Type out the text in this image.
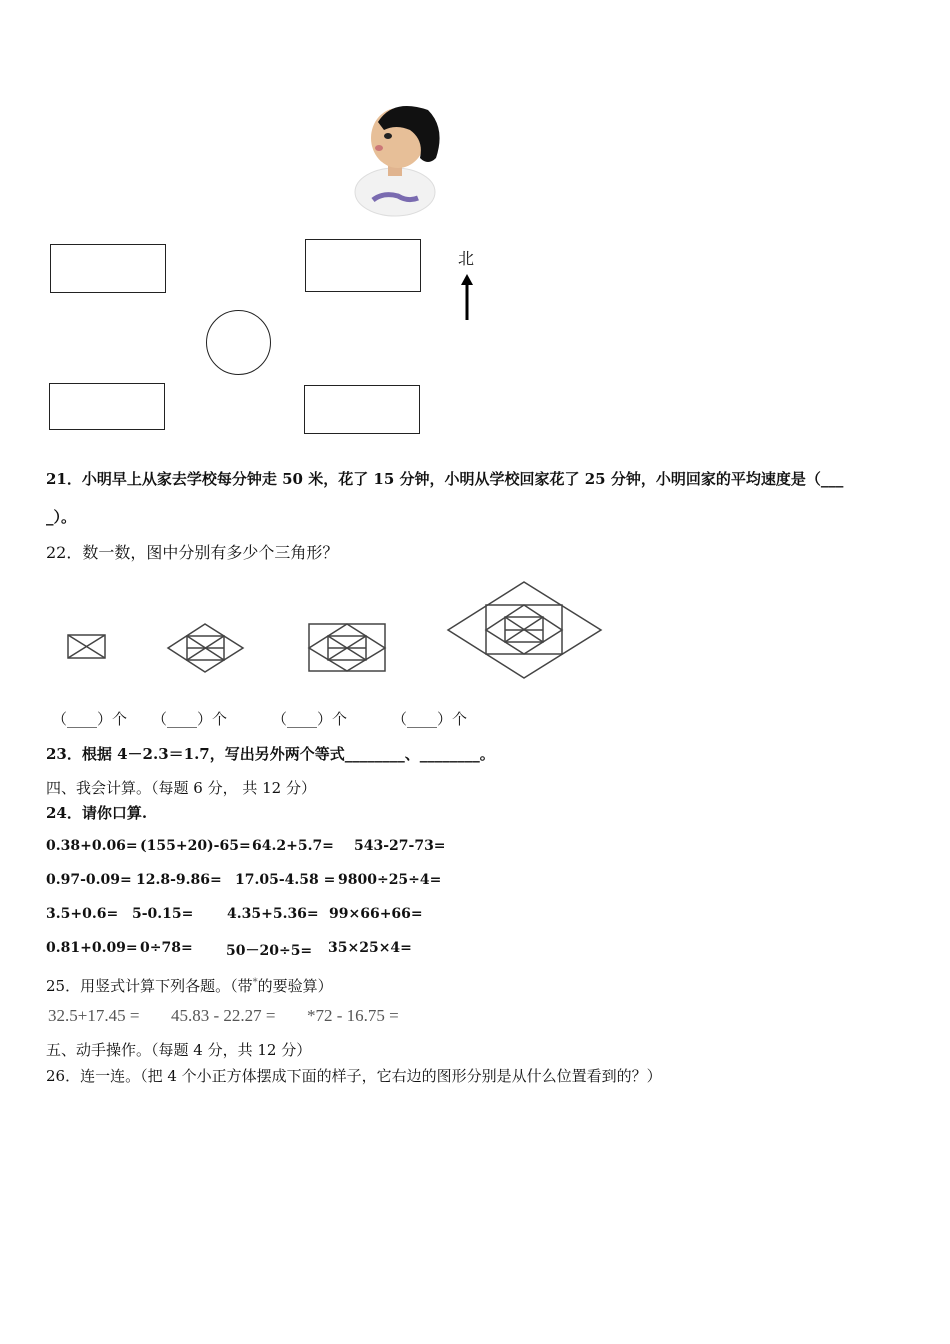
北
21．小明早上从家去学校每分钟走 50 米，花了 15 分钟，小明从学校回家花了 25 分钟，小明回家的平均速度是（___
_）。
22．数一数，图中分别有多少个三角形？
（____）个 （____）个	（____）个	（____）个
23．根据 4－2.3＝1.7，写出另外两个等式________、________。
四、我会计算。（每题 6 分， 共 12 分）
24．请你口算.
0.38+0.06= (155+20)-65= 64.2+5.7= 543-27-73=
0.97-0.09= 12.8-9.86= 17.05-4.58 = 9800÷25÷4=
3.5+0.6= 5-0.15= 4.35+5.36= 99×66+66=
0.81+0.09= 0÷78= 50－20÷5= 35×25×4=
25．用竖式计算下列各题。（带*的要验算）
32.5+17.45 = 45.83 - 22.27 = *72 - 16.75 =
五、动手操作。（每题 4 分，共 12 分）
26．连一连。（把 4 个小正方体摆成下面的样子，它右边的图形分别是从什么位置看到的？）
